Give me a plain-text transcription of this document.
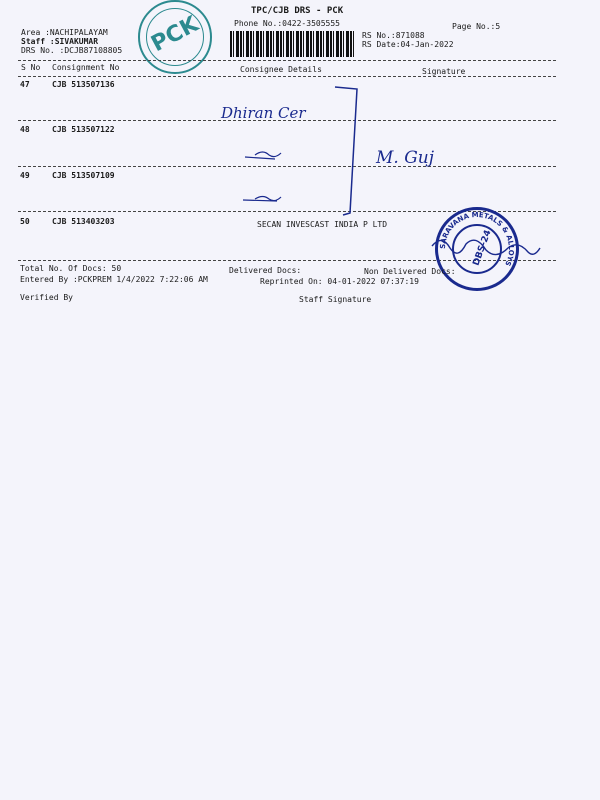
TPC/CJB DRS - PCK
Phone No.:0422-3505555	Page No.:5
Area :NACHIPALAYAM
Staff :SIVAKUMAR
DRS No. :DCJB87108805
RS No.:871088
RS Date:04-Jan-2022
PCK
S No Consignment No	Consignee Details	Signature
47	CJB 513507136
48	CJB 513507122
49	CJB 513507109
50	CJB 513403203	SECAN INVESCAST INDIA P LTD
Dhiran Cer
M. Guj
SARAVANA METALS & ALLOYS
DBS-24
Total No. Of Docs: 50	Delivered Docs:	Non Delivered Docs:
Entered By :PCKPREM 1/4/2022 7:22:06 AM	Reprinted On: 04-01-2022 07:37:19
Verified By	Staff Signature
